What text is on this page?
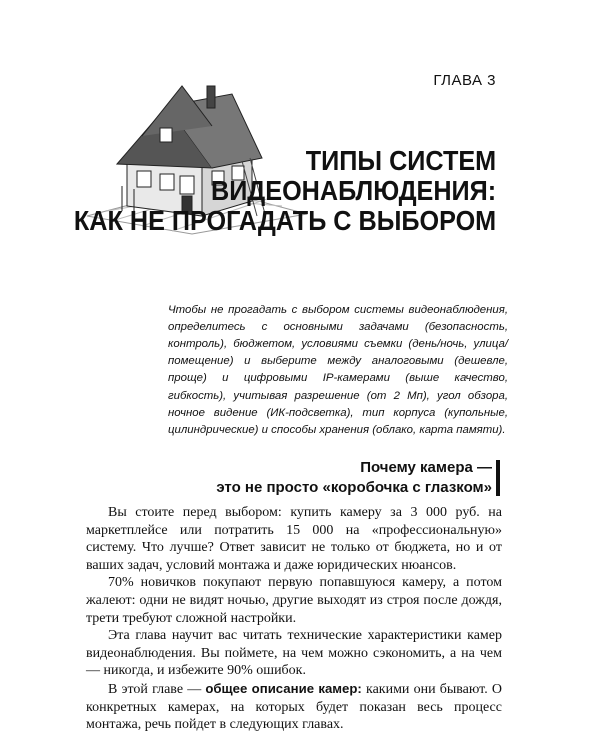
ГЛАВА 3
ТИПЫ СИСТЕМ
ВИДЕОНАБЛЮДЕНИЯ:
КАК НЕ ПРОГАДАТЬ С ВЫБОРОМ
Чтобы не прогадать с выбором системы видеонаблюдения, определитесь с основными задачами (безопасность, контроль), бюджетом, условиями съемки (день/ночь, улица/помещение) и выберите между аналоговыми (дешевле, проще) и цифровыми IP-камерами (выше качество, гибкость), учитывая разрешение (от 2 Мп), угол обзора, ночное видение (ИК-подсветка), тип корпуса (купольные, цилиндрические) и способы хранения (облако, карта памяти).
Почему камера —
это не просто «коробочка с глазком»

Вы стоите перед выбором: купить камеру за 3 000 руб. на маркетплейсе или потратить 15 000 на «профессиональную» систему. Что лучше? Ответ зависит не только от бюджета, но и от ваших задач, условий монтажа и даже юридических нюансов.

70% новичков покупают первую попавшуюся камеру, а потом жалеют: одни не видят ночью, другие выходят из строя после дождя, трети требуют сложной настройки.

Эта глава научит вас читать технические характеристики камер видеонаблюдения. Вы поймете, на чем можно сэкономить, а на чем — никогда, и избежите 90% ошибок.

В этой главе — общее описание камер: какими они бывают. О конкретных камерах, на которых будет показан весь процесс монтажа, речь пойдет в следующих главах.
